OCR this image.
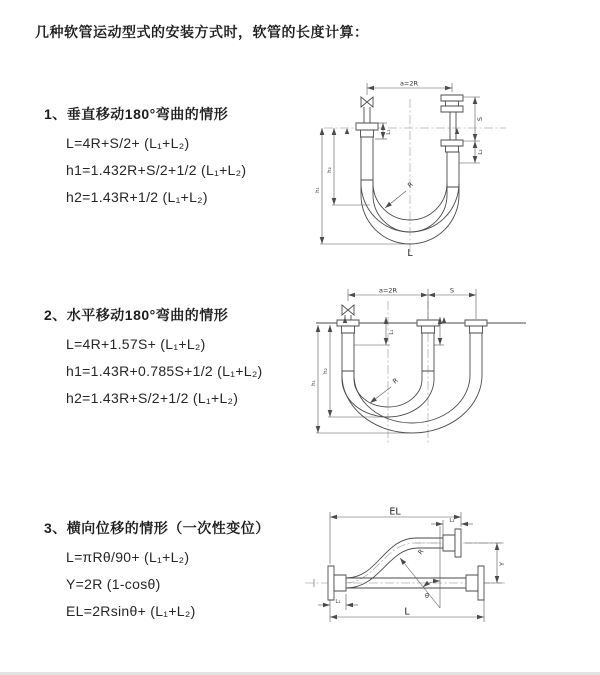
几种软管运动型式的安装方式时，软管的长度计算：
1、垂直移动180°弯曲的情形
L=4R+S/2+ (L₁+L₂)
h1=1.432R+S/2+1/2 (L₁+L₂)
h2=1.43R+1/2 (L₁+L₂)
2、水平移动180°弯曲的情形
L=4R+1.57S+ (L₁+L₂)
h1=1.43R+0.785S+1/2 (L₁+L₂)
h2=1.43R+S/2+1/2 (L₁+L₂)
3、横向位移的情形（一次性变位）
L=πRθ/90+ (L₁+L₂)
Y=2R (1-cosθ)
EL=2Rsinθ+ (L₁+L₂)
a=2R
L₁
S
L₂
h₁
h₂
R
L
a=2R	S
L₁
h₁
h₂
R
EL
L₁
Y
θ
R
L₁
L
